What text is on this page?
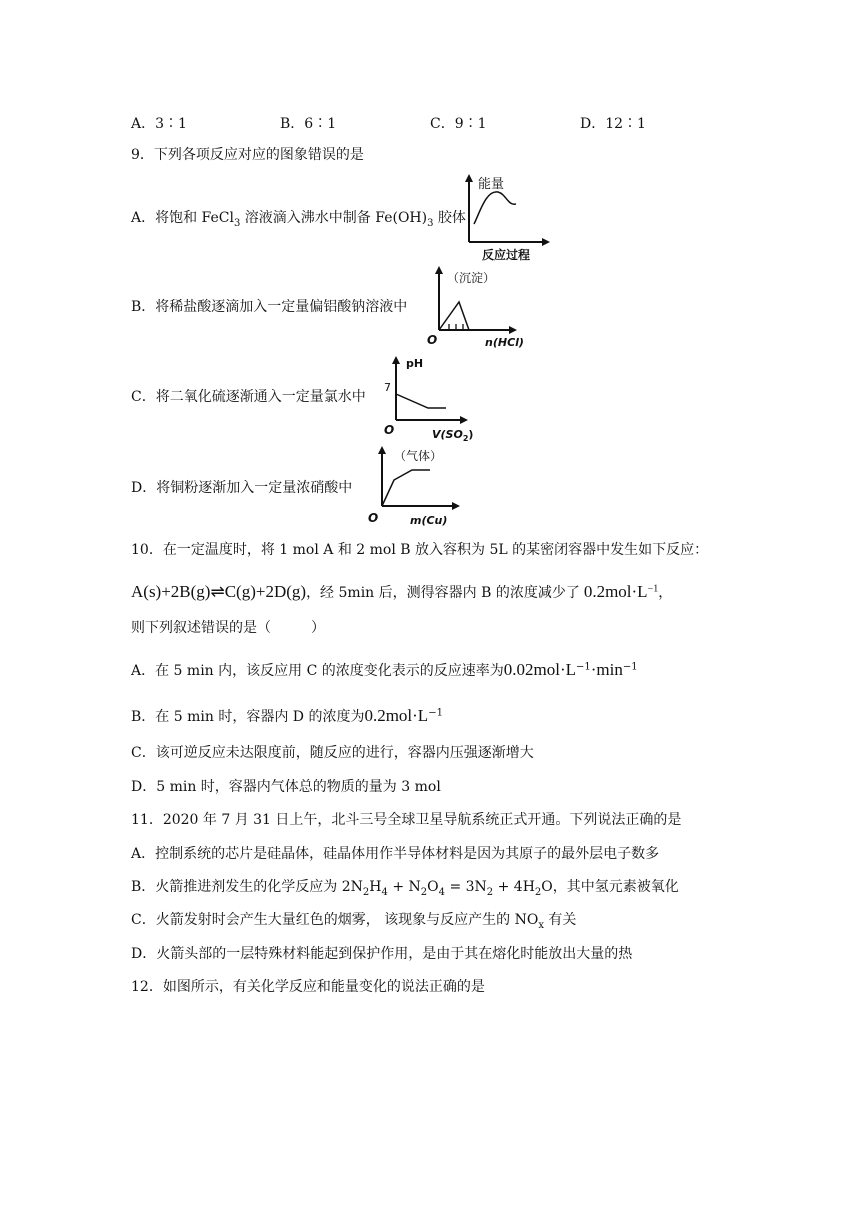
A．3∶1	B．6∶1	C．9∶1	D．12∶1
9．下列各项反应对应的图象错误的是
A．将饱和 FeCl$_3$ 溶液滴入沸水中制备 $Fe(OH)_3$ 胶体
能量
反应过程
B．将稀盐酸逐滴加入一定量偏铝酸钠溶液中
（沉淀）
O	n(HCl)
C．将二氧化硫逐渐通入一定量氯水中
pH
7
O	$V(SO_2)$
D．将铜粉逐渐加入一定量浓硝酸中
（气体）
O	m(Cu)
10．在一定温度时，将 1 mol A 和 2 mol B 放入容积为 5L 的某密闭容器中发生如下反应：
A(s)+2B(g)⇌C(g)+2D(g)，经 5min 后，测得容器内 B 的浓度减少了 $0.2mol\cdot L^{-1}$，
则下列叙述错误的是（	）
A．在 5 min 内，该反应用 C 的浓度变化表示的反应速率为$0.02mol\cdot L^{-1}\cdot\min^{-1}$
B．在 5 min 时，容器内 D 的浓度为$0.2mol\cdot L^{-1}$
C．该可逆反应未达限度前，随反应的进行，容器内压强逐渐增大
D．5 min 时，容器内气体总的物质的量为 3 mol
11．2020 年 7 月 31 日上午，北斗三号全球卫星导航系统正式开通。下列说法正确的是
A．控制系统的芯片是硅晶体，硅晶体用作半导体材料是因为其原子的最外层电子数多
B．火箭推进剂发生的化学反应为 $2N_2H_4 + N_2O_4 = 3N_2 + 4H_2O$，其中氢元素被氧化
C．火箭发射时会产生大量红色的烟雾， 该现象与反应产生的 $NO_x$ 有关
D．火箭头部的一层特殊材料能起到保护作用，是由于其在熔化时能放出大量的热
12．如图所示，有关化学反应和能量变化的说法正确的是
